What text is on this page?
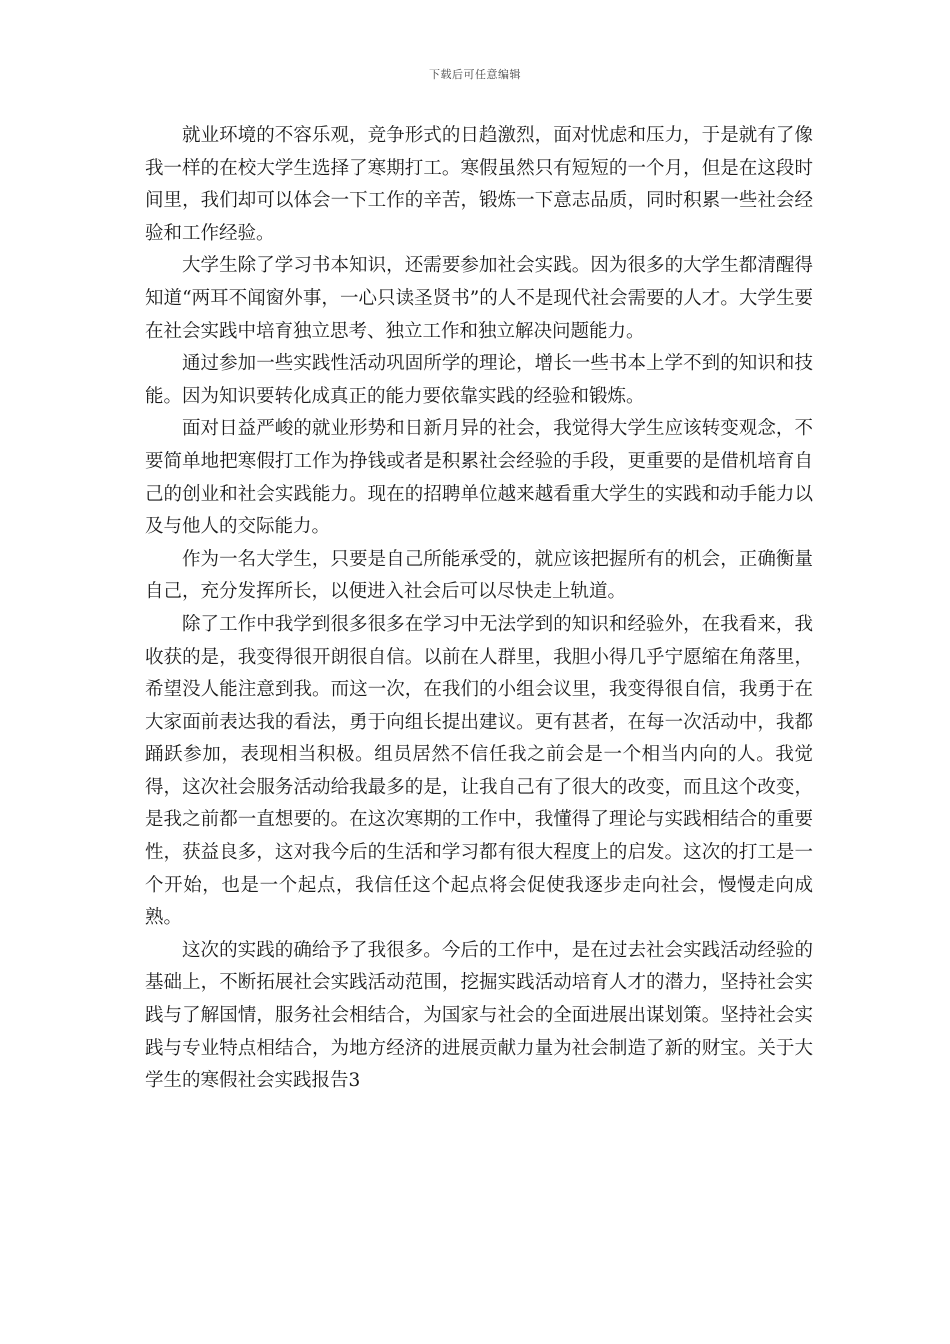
下载后可任意编辑

就业环境的不容乐观，竞争形式的日趋激烈，面对忧虑和压力，于是就有了像我一样的在校大学生选择了寒期打工。寒假虽然只有短短的一个月，但是在这段时间里，我们却可以体会一下工作的辛苦，锻炼一下意志品质，同时积累一些社会经验和工作经验。

大学生除了学习书本知识，还需要参加社会实践。因为很多的大学生都清醒得知道“两耳不闻窗外事，一心只读圣贤书”的人不是现代社会需要的人才。大学生要在社会实践中培育独立思考、独立工作和独立解决问题能力。

通过参加一些实践性活动巩固所学的理论，增长一些书本上学不到的知识和技能。因为知识要转化成真正的能力要依靠实践的经验和锻炼。

面对日益严峻的就业形势和日新月异的社会，我觉得大学生应该转变观念，不要简单地把寒假打工作为挣钱或者是积累社会经验的手段，更重要的是借机培育自己的创业和社会实践能力。现在的招聘单位越来越看重大学生的实践和动手能力以及与他人的交际能力。

作为一名大学生，只要是自己所能承受的，就应该把握所有的机会，正确衡量自己，充分发挥所长，以便进入社会后可以尽快走上轨道。

除了工作中我学到很多很多在学习中无法学到的知识和经验外，在我看来，我收获的是，我变得很开朗很自信。以前在人群里，我胆小得几乎宁愿缩在角落里，希望没人能注意到我。而这一次，在我们的小组会议里，我变得很自信，我勇于在大家面前表达我的看法，勇于向组长提出建议。更有甚者，在每一次活动中，我都踊跃参加，表现相当积极。组员居然不信任我之前会是一个相当内向的人。我觉得，这次社会服务活动给我最多的是，让我自己有了很大的改变，而且这个改变，是我之前都一直想要的。在这次寒期的工作中，我懂得了理论与实践相结合的重要性，获益良多，这对我今后的生活和学习都有很大程度上的启发。这次的打工是一个开始，也是一个起点，我信任这个起点将会促使我逐步走向社会，慢慢走向成熟。

这次的实践的确给予了我很多。今后的工作中，是在过去社会实践活动经验的基础上，不断拓展社会实践活动范围，挖掘实践活动培育人才的潜力，坚持社会实践与了解国情，服务社会相结合，为国家与社会的全面进展出谋划策。坚持社会实践与专业特点相结合，为地方经济的进展贡献力量为社会制造了新的财宝。关于大学生的寒假社会实践报告3
